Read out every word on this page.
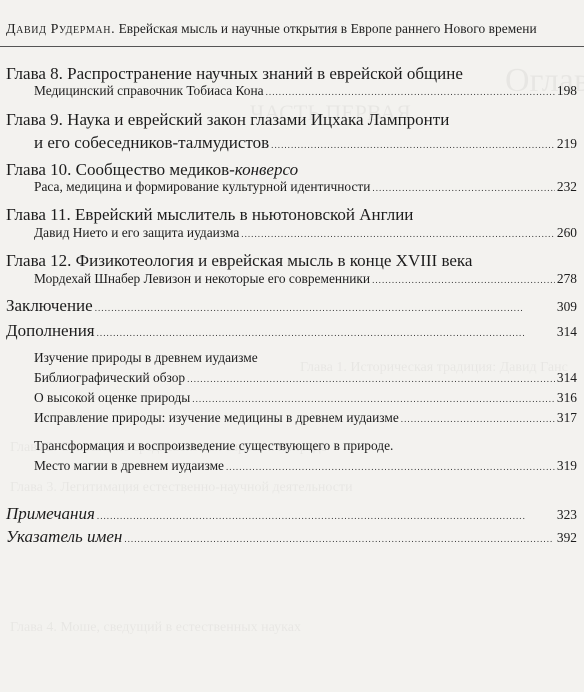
Давид Рудерман. Еврейская мысль и научные открытия в Европе раннего Нового времени
Глава 8. Распространение научных знаний в еврейской общине
Медицинский справочник Тобиаса Кона . . .	198
Глава 9. Наука и еврейский закон глазами Ицхака Лампронти
и его собеседников-талмудистов . . .	219
Глава 10. Сообщество медиков-конверсо
Раса, медицина и формирование культурной идентичности . . .	232
Глава 11. Еврейский мыслитель в ньютоновской Англии
Давид Нието и его защита иудаизма . . .	260
Глава 12. Физикотеология и еврейская мысль в конце XVIII века
Мордехай Шнабер Левизон и некоторые его современники . . .	278
Заключение . . .	309
Дополнения . . .	314
Изучение природы в древнем иудаизме
Библиографический обзор . . .	314
О высокой оценке природы . . .	316
Исправление природы: изучение медицины в древнем иудаизме . . .	317
Трансформация и воспроизведение существующего в природе.
Место магии в древнем иудаизме . . .	319
Примечания . . .	323
Указатель имен . . .	392
